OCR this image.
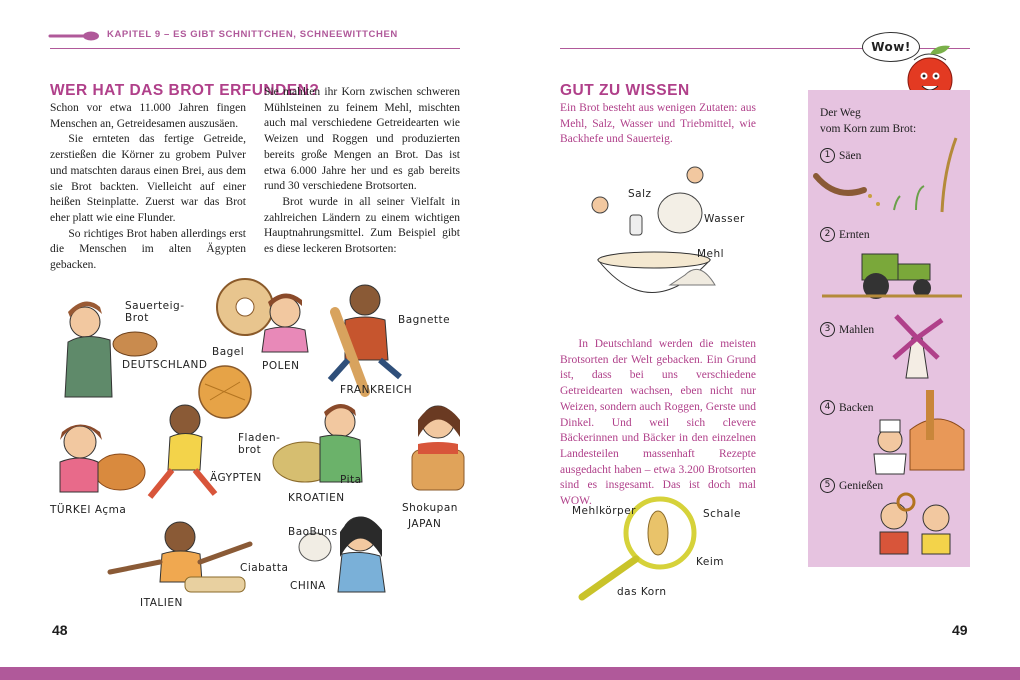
KAPITEL 9 – ES GIBT SCHNITTCHEN, SCHNEEWITTCHEN
WER HAT DAS BROT ERFUNDEN?

Schon vor etwa 11.000 Jahren fingen Menschen an, Getreidesamen auszusäen.

Sie ernteten das fertige Getreide, zerstießen die Körner zu grobem Pulver und matschten daraus einen Brei, aus dem sie Brot backten. Vielleicht auf einer heißen Steinplatte. Zuerst war das Brot eher platt wie eine Flunder.

So richtiges Brot haben allerdings erst die Menschen im alten Ägypten gebacken.

Sie mahlten ihr Korn zwischen schweren Mühlsteinen zu feinem Mehl, mischten auch mal verschiedene Getreidearten wie Weizen und Roggen und produzierten bereits große Mengen an Brot. Das ist etwa 6.000 Jahre her und es gab bereits rund 30 verschiedene Brotsorten.

Brot wurde in all seiner Vielfalt in zahlreichen Ländern zu einem wichtigen Hauptnahrungsmittel. Zum Beispiel gibt es diese leckeren Brotsorten:

Sauerteig-Brot
DEUTSCHLAND
Bagel
POLEN
Bagnette
FRANKREICH
Fladen-brot
ÄGYPTEN	Pita
KROATIEN
Shokupan
JAPAN
TÜRKEI Açma
Ciabatta
ITALIEN
BaoBuns
CHINA
48
Wow!
GUT ZU WISSEN
Ein Brot besteht aus wenigen Zutaten: aus Mehl, Salz, Wasser und Triebmittel, wie Backhefe und Sauerteig.
Salz
Wasser
Mehl
In Deutschland werden die meisten Brotsorten der Welt gebacken. Ein Grund ist, dass bei uns verschiedene Getreidearten wachsen, eben nicht nur Weizen, sondern auch Roggen, Gerste und Dinkel. Und weil sich clevere Bäckerinnen und Bäcker in den einzelnen Landesteilen massenhaft Rezepte ausgedacht haben – etwa 3.200 Brotsorten sind es insgesamt. Das ist doch mal WOW.
Mehlkörper	Schale
Keim
das Korn
Der Weg
vom Korn zum Brot:
1 Säen
2 Ernten
3 Mahlen
4 Backen
5 Genießen
49
